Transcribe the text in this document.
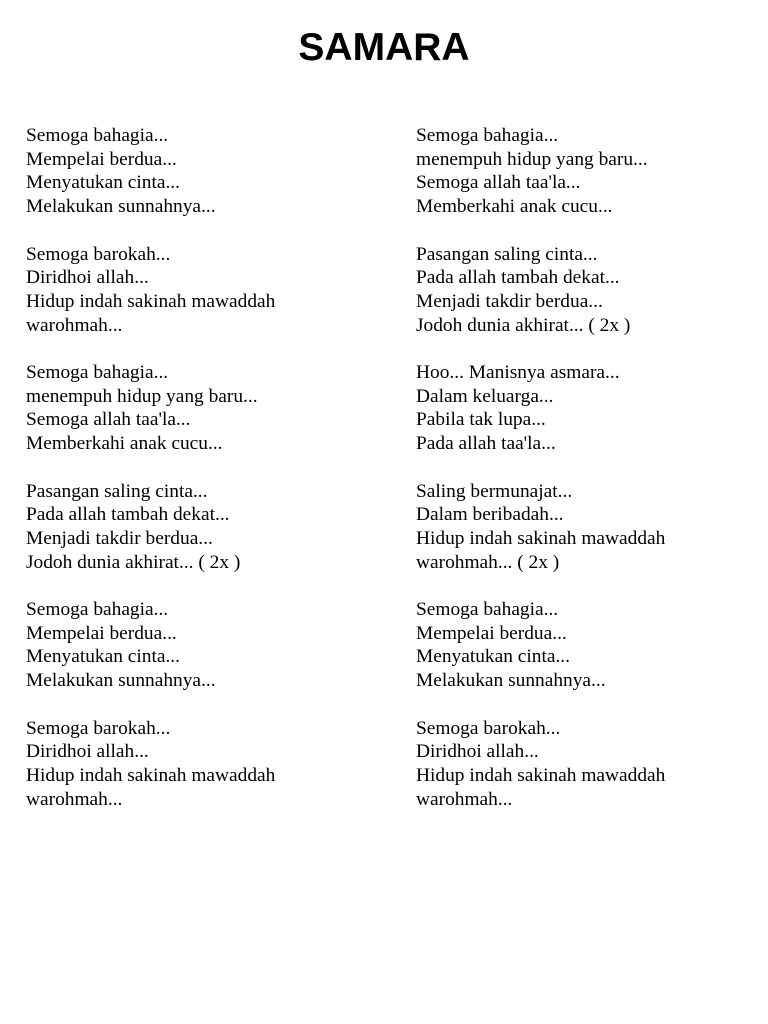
SAMARA
Semoga bahagia...
Mempelai berdua...
Menyatukan cinta...
Melakukan sunnahnya...
Semoga barokah...
Diridhoi allah...
Hidup indah sakinah mawaddah
warohmah...
Semoga bahagia...
menempuh hidup yang baru...
Semoga allah taa'la...
Memberkahi anak cucu...
Pasangan saling cinta...
Pada allah tambah dekat...
Menjadi takdir berdua...
Jodoh dunia akhirat... ( 2x )
Semoga bahagia...
Mempelai berdua...
Menyatukan cinta...
Melakukan sunnahnya...
Semoga barokah...
Diridhoi allah...
Hidup indah sakinah mawaddah
warohmah...
Semoga bahagia...
menempuh hidup yang baru...
Semoga allah taa'la...
Memberkahi anak cucu...
Pasangan saling cinta...
Pada allah tambah dekat...
Menjadi takdir berdua...
Jodoh dunia akhirat... ( 2x )
Hoo... Manisnya asmara...
Dalam keluarga...
Pabila tak lupa...
Pada allah taa'la...
Saling bermunajat...
Dalam beribadah...
Hidup indah sakinah mawaddah
warohmah... ( 2x )
Semoga bahagia...
Mempelai berdua...
Menyatukan cinta...
Melakukan sunnahnya...
Semoga barokah...
Diridhoi allah...
Hidup indah sakinah mawaddah
warohmah...
